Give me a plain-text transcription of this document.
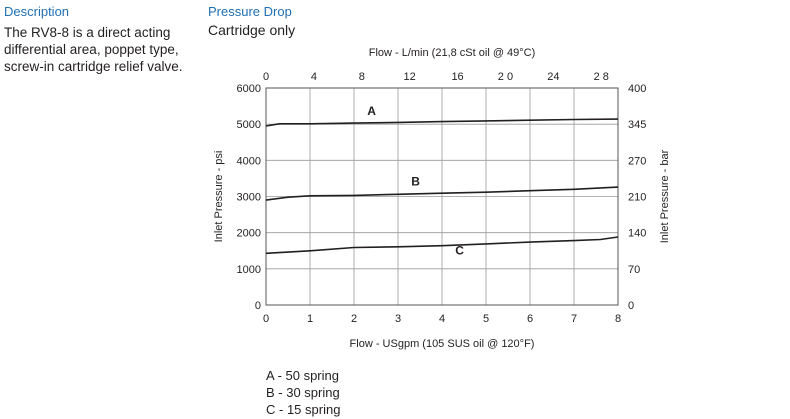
Description
The RV8-8 is a direct acting
differential area, poppet type,
screw-in cartridge relief valve.
Pressure Drop
Cartridge only
0	1	2	3	4	5	6	7	8
0	4	8	12	16	2 0	24	2 8
0
1000
2000
3000
4000
5000
6000
0
70
140
210
270
345
400
Flow - USgpm (105 SUS oil @ 120°F)
Flow - L/min (21,8 cSt oil @ 49°C)
Inlet Pressure - psi	Inlet Pressure - bar
A
B
C
A - 50 spring
B - 30 spring
C - 15 spring
